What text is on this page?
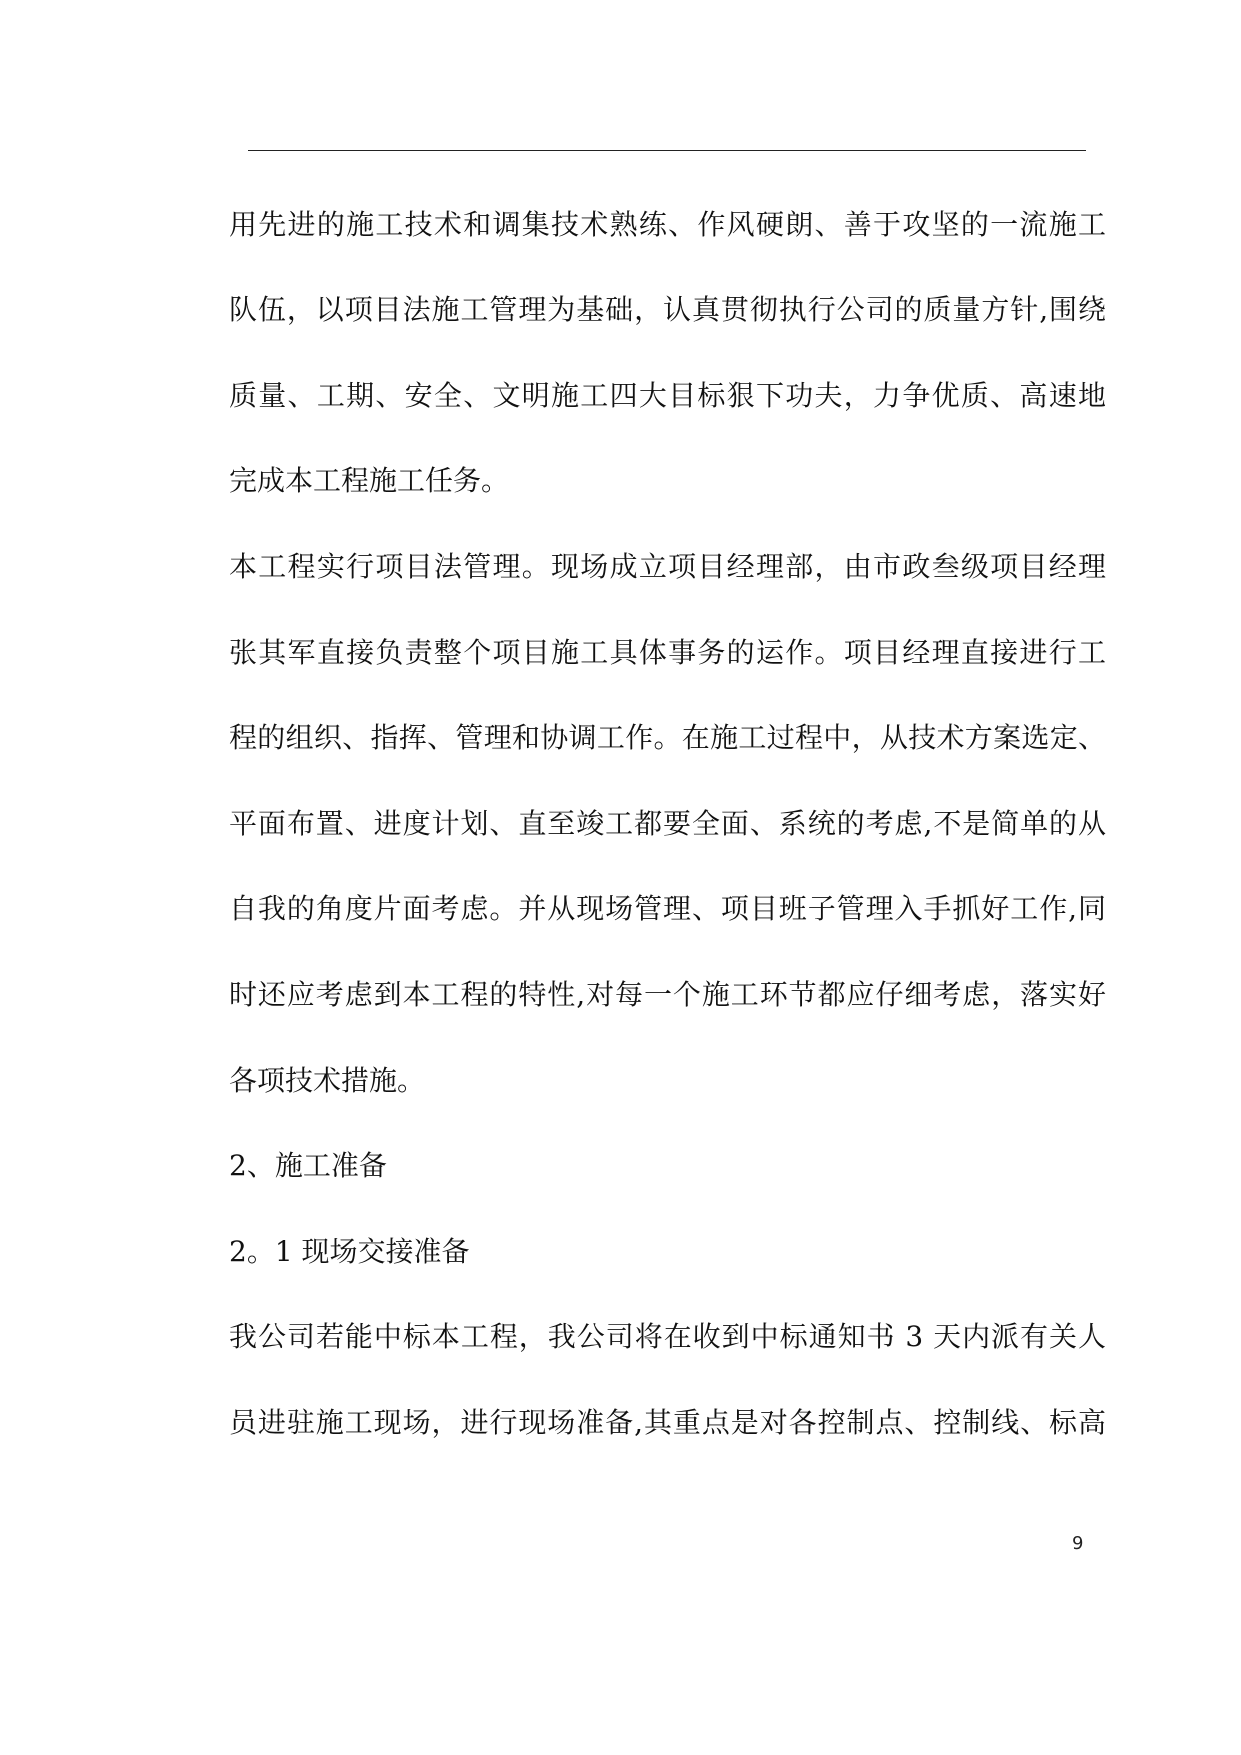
用先进的施工技术和调集技术熟练、作风硬朗、善于攻坚的一流施工
队伍，以项目法施工管理为基础，认真贯彻执行公司的质量方针,围绕
质量、工期、安全、文明施工四大目标狠下功夫，力争优质、高速地
完成本工程施工任务。
本工程实行项目法管理。现场成立项目经理部，由市政叁级项目经理
张其军直接负责整个项目施工具体事务的运作。项目经理直接进行工
程的组织、指挥、管理和协调工作。在施工过程中，从技术方案选定、
平面布置、进度计划、直至竣工都要全面、系统的考虑,不是简单的从
自我的角度片面考虑。并从现场管理、项目班子管理入手抓好工作,同
时还应考虑到本工程的特性,对每一个施工环节都应仔细考虑，落实好
各项技术措施。
2、施工准备
2。1 现场交接准备
我公司若能中标本工程，我公司将在收到中标通知书 3 天内派有关人
员进驻施工现场，进行现场准备,其重点是对各控制点、控制线、标高
9
